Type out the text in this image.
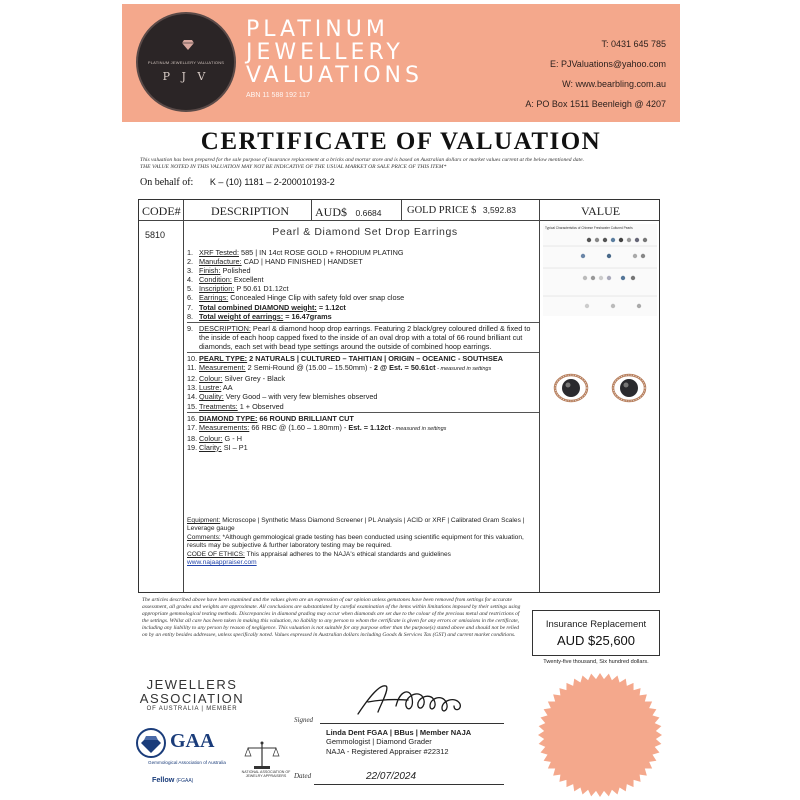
PLATINUM JEWELLERY VALUATIONS
P J V
PLATINUM
JEWELLERY
VALUATIONS
ABN 11 588 192 117
T: 0431 645 785
E: PJValuations@yahoo.com
W: www.bearbling.com.au
A: PO Box 1511 Beenleigh @ 4207
CERTIFICATE OF VALUATION
This valuation has been prepared for the sale purpose of insurance replacement at a bricks and mortar store and is based on Australian dollars or market values current at the below mentioned date.
THE VALUE NOTED IN THIS VALUATION MAY NOT BE INDICATIVE OF THE USUAL MARKET OR SALE PRICE OF THIS ITEM*
On behalf of: K – (10) 1181 – 2-200010193-2
CODE#	DESCRIPTION AUD$ 0.6684 GOLD PRICE $ 3,592.83	VALUE
5810	Pearl & Diamond Set Drop Earrings
1. XRF Tested: 585 | IN 14ct ROSE GOLD + RHODIUM PLATING
2. Manufacture: CAD | HAND FINISHED | HANDSET
3. Finish: Polished
4. Condition: Excellent
5. Inscription: P 50.61 D1.12ct
6. Earrings: Concealed Hinge Clip with safety fold over snap close
7. Total combined DIAMOND weight: = 1.12ct
8. Total weight of earrings: = 16.47grams
9. DESCRIPTION: Pearl & diamond hoop drop earrings. Featuring 2 black/grey coloured drilled & fixed to the inside of each hoop capped fixed to the inside of an oval drop with a total of 66 round brilliant cut diamonds, each set with bead type settings around the outside of combined hoop earrings.
10. PEARL TYPE: 2 NATURALS | CULTURED – TAHITIAN | ORIGIN – OCEANIC - SOUTHSEA
11. Measurement: 2 Semi-Round @ (15.00 – 15.50mm) - 2 @ Est. = 50.61ct - measured in settings
12. Colour: Silver Grey - Black
13. Lustre: AA
14. Quality: Very Good – with very few blemishes observed
15. Treatments: 1 + Observed
16. DIAMOND TYPE: 66 ROUND BRILLIANT CUT
17. Measurements: 66 RBC @ (1.60 – 1.80mm) - Est. = 1.12ct - measured in settings
18. Colour: G - H
19. Clarity: SI – P1
Equipment: Microscope | Synthetic Mass Diamond Screener | PL Analysis | ACID or XRF | Calibrated Gram Scales | Leverage gauge
Comments: *Although gemmological grade testing has been conducted using scientific equipment for this valuation, results may be subjective & further laboratory testing may be required.
CODE OF ETHICS: This appraisal adheres to the NAJA's ethical standards and guidelines
www.najaappraiser.com
Typical Characteristics of Chinese Freshwater Cultured Pearls
The articles described above have been examined and the values given are an expression of our opinion unless gemstones have been removed from settings for accurate assessment, all grades and weights are approximate. All conclusions are substantiated by careful examination of the items within limitations imposed by their settings using appropriate gemmological testing methods. Discrepancies in diamond grading may occur when diamonds are set due to the colour of the precious metal and restrictions of the settings. Whilst all care has been taken in making this valuation, no liability to any person to whom the certificate is given for any errors or omissions in the certificate, including any liability to any person by reason of negligence. This valuation is not suitable for any purpose other than the purpose(s) stated above and should not be relied on by an entity besides addressee, unless specifically noted. Values expressed in Australian dollars including Goods & Services Tax (GST) and current market conditions.
Insurance Replacement
AUD $25,600
Twenty-five thousand, Six hundred dollars.
JEWELLERS
ASSOCIATION
OF AUSTRALIA | MEMBER
GAA
Gemmological Association of Australia
Fellow (FGAA)
NATIONAL ASSOCIATION OF
JEWELRY APPRAISERS
Signed
Linda Dent FGAA | BBus | Member NAJA
Gemmologist | Diamond Grader
NAJA - Registered Appraiser #22312
Dated	22/07/2024
